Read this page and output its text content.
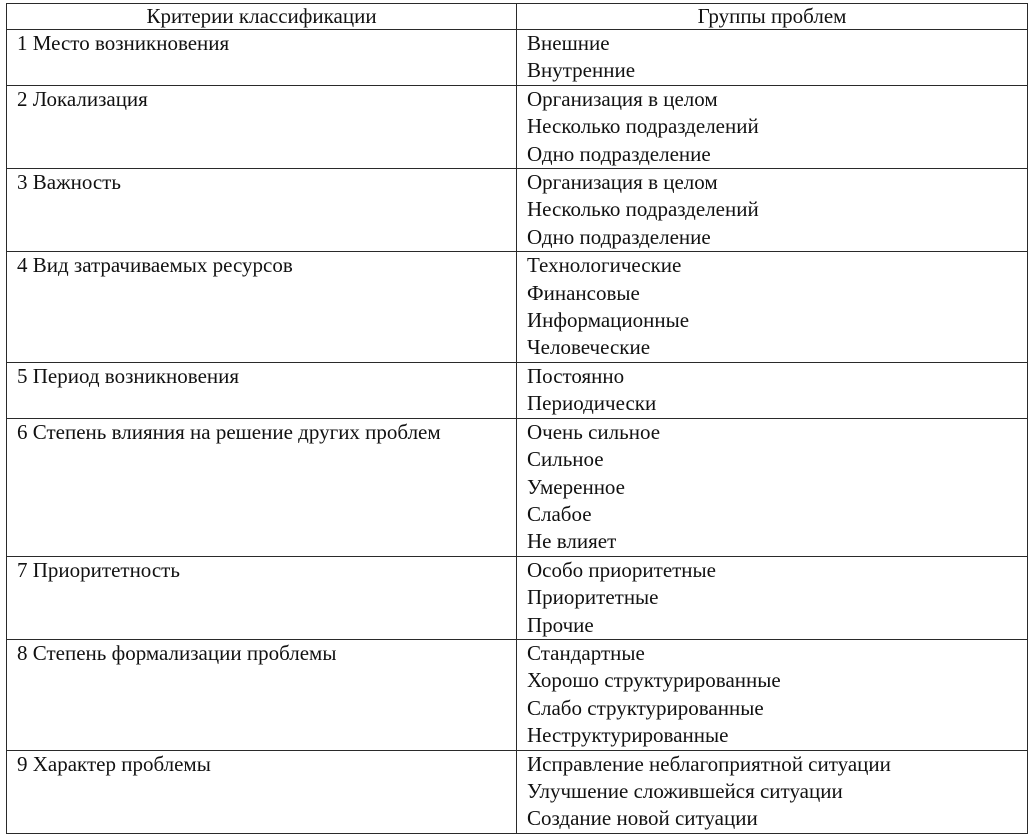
Критерии классификации	Группы проблем
1 Место возникновения	Внешние
Внутренние

2 Локализация	Организация в целом
Несколько подразделений
Одно подразделение

3 Важность	Организация в целом
Несколько подразделений
Одно подразделение

4 Вид затрачиваемых ресурсов	Технологические
Финансовые
Информационные
Человеческие

5 Период возникновения	Постоянно
Периодически

6 Степень влияния на решение других проблем	Очень сильное
Сильное
Умеренное
Слабое
Не влияет

7 Приоритетность	Особо приоритетные
Приоритетные
Прочие

8 Степень формализации проблемы	Стандартные
Хорошо структурированные
Слабо структурированные
Неструктурированные

9 Характер проблемы	Исправление неблагоприятной ситуации
Улучшение сложившейся ситуации
Создание новой ситуации
